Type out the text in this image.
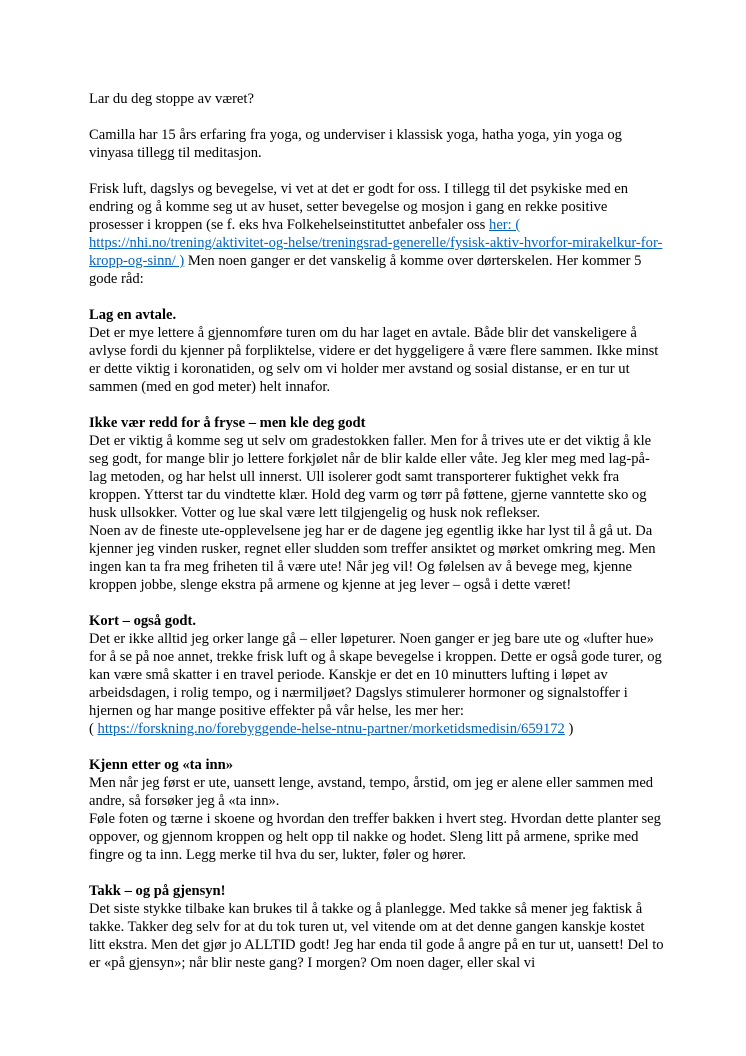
Lar du deg stoppe av været?

Camilla har 15 års erfaring fra yoga, og underviser i klassisk yoga, hatha yoga, yin yoga og vinyasa tillegg til meditasjon.

Frisk luft, dagslys og bevegelse, vi vet at det er godt for oss. I tillegg til det psykiske med en endring og å komme seg ut av huset, setter bevegelse og mosjon i gang en rekke positive prosesser i kroppen (se f. eks hva Folkehelseinstituttet anbefaler oss her: ( https://nhi.no/trening/aktivitet-og-helse/treningsrad-generelle/fysisk-aktiv-hvorfor-mirakelkur-for-kropp-og-sinn/ ) Men noen ganger er det vanskelig å komme over dørterskelen. Her kommer 5 gode råd:

Lag en avtale.
Det er mye lettere å gjennomføre turen om du har laget en avtale. Både blir det vanskeligere å avlyse fordi du kjenner på forpliktelse, videre er det hyggeligere å være flere sammen. Ikke minst er dette viktig i koronatiden, og selv om vi holder mer avstand og sosial distanse, er en tur ut sammen (med en god meter) helt innafor.

Ikke vær redd for å fryse – men kle deg godt
Det er viktig å komme seg ut selv om gradestokken faller. Men for å trives ute er det viktig å kle seg godt, for mange blir jo lettere forkjølet når de blir kalde eller våte. Jeg kler meg med lag-på-lag metoden, og har helst ull innerst. Ull isolerer godt samt transporterer fuktighet vekk fra kroppen. Ytterst tar du vindtette klær. Hold deg varm og tørr på føttene, gjerne vanntette sko og husk ullsokker. Votter og lue skal være lett tilgjengelig og husk nok reflekser.
Noen av de fineste ute-opplevelsene jeg har er de dagene jeg egentlig ikke har lyst til å gå ut. Da kjenner jeg vinden rusker, regnet eller sludden som treffer ansiktet og mørket omkring meg. Men ingen kan ta fra meg friheten til å være ute! Når jeg vil! Og følelsen av å bevege meg, kjenne kroppen jobbe, slenge ekstra på armene og kjenne at jeg lever – også i dette været!

Kort – også godt.
Det er ikke alltid jeg orker lange gå – eller løpeturer. Noen ganger er jeg bare ute og «lufter hue» for å se på noe annet, trekke frisk luft og å skape bevegelse i kroppen. Dette er også gode turer, og kan være små skatter i en travel periode. Kanskje er det en 10 minutters lufting i løpet av arbeidsdagen, i rolig tempo, og i nærmiljøet? Dagslys stimulerer hormoner og signalstoffer i hjernen og har mange positive effekter på vår helse, les mer her:
( https://forskning.no/forebyggende-helse-ntnu-partner/morketidsmedisin/659172 )

Kjenn etter og «ta inn»
Men når jeg først er ute, uansett lenge, avstand, tempo, årstid, om jeg er alene eller sammen med andre, så forsøker jeg å «ta inn».
Føle foten og tærne i skoene og hvordan den treffer bakken i hvert steg. Hvordan dette planter seg oppover, og gjennom kroppen og helt opp til nakke og hodet. Sleng litt på armene, sprike med fingre og ta inn. Legg merke til hva du ser, lukter, føler og hører.

Takk – og på gjensyn!
Det siste stykke tilbake kan brukes til å takke og å planlegge. Med takke så mener jeg faktisk å takke. Takker deg selv for at du tok turen ut, vel vitende om at det denne gangen kanskje kostet litt ekstra. Men det gjør jo ALLTID godt! Jeg har enda til gode å angre på en tur ut, uansett! Del to er «på gjensyn»; når blir neste gang? I morgen? Om noen dager, eller skal vi
